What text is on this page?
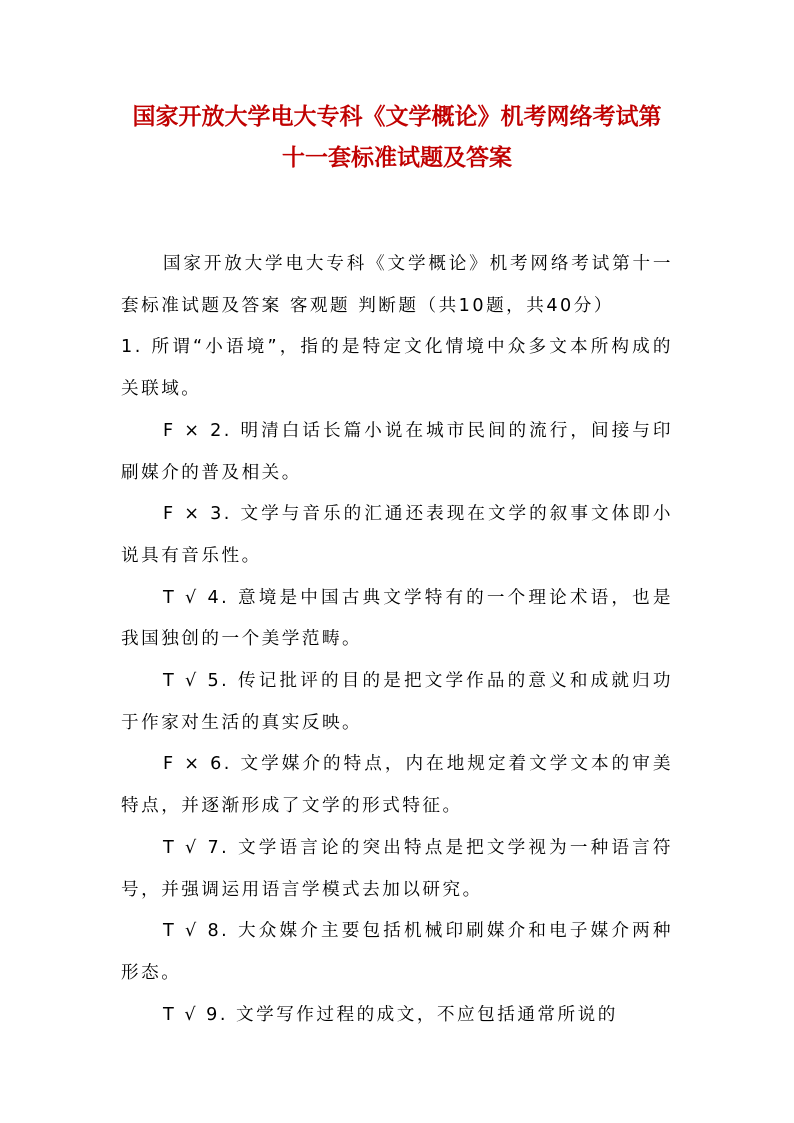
国家开放大学电大专科《文学概论》机考网络考试第
十一套标准试题及答案

国家开放大学电大专科《文学概论》机考网络考试第十一套标准试题及答案 客观题 判断题（共10题，共40分）

1. 所谓“小语境”，指的是特定文化情境中众多文本所构成的关联域。

F × 2. 明清白话长篇小说在城市民间的流行，间接与印刷媒介的普及相关。

F × 3. 文学与音乐的汇通还表现在文学的叙事文体即小说具有音乐性。

T √ 4. 意境是中国古典文学特有的一个理论术语，也是我国独创的一个美学范畴。

T √ 5. 传记批评的目的是把文学作品的意义和成就归功于作家对生活的真实反映。

F × 6. 文学媒介的特点，内在地规定着文学文本的审美特点，并逐渐形成了文学的形式特征。

T √ 7. 文学语言论的突出特点是把文学视为一种语言符号，并强调运用语言学模式去加以研究。

T √ 8. 大众媒介主要包括机械印刷媒介和电子媒介两种形态。

T √ 9. 文学写作过程的成文，不应包括通常所说的
